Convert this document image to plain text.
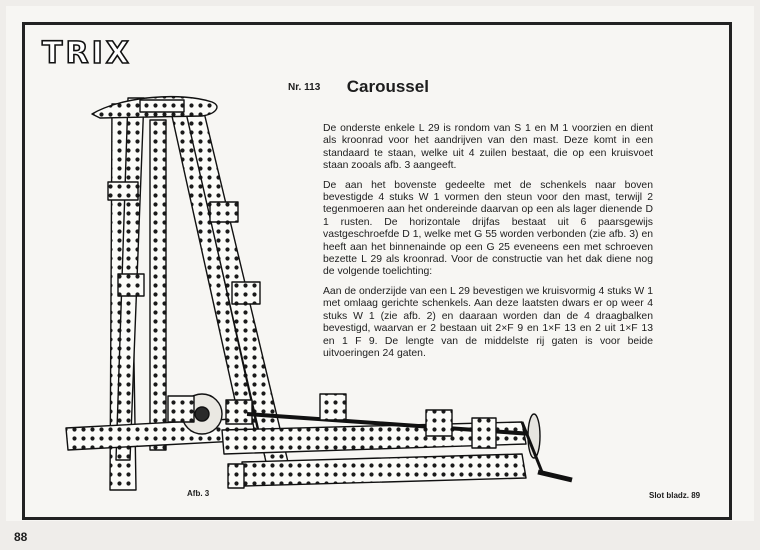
TRIX
Nr. 113 Caroussel

De onderste enkele L 29 is rondom van S 1 en M 1 voorzien en dient als kroonrad voor het aandrijven van den mast. Deze komt in een standaard te staan, welke uit 4 zuilen bestaat, die op een kruisvoet staan zooals afb. 3 aangeeft.

De aan het bovenste gedeelte met de schenkels naar boven bevestigde 4 stuks W 1 vormen den steun voor den mast, terwijl 2 tegenmoeren aan het ondereinde daarvan op een als lager dienende D 1 rusten. De horizontale drijfas bestaat uit 6 paarsgewijs vastgeschroefde D 1, welke met G 55 worden verbonden (zie afb. 3) en heeft aan het binnenainde op een G 25 eveneens een met schroeven bezette L 29 als kroonrad. Voor de constructie van het dak diene nog de volgende toelichting:

Aan de onderzijde van een L 29 bevestigen we kruisvormig 4 stuks W 1 met omlaag gerichte schenkels. Aan deze laatsten dwars er op weer 4 stuks W 1 (zie afb. 2) en daaraan worden dan de 4 draagbalken bevestigd, waarvan er 2 bestaan uit 2×F 9 en 1×F 13 en 2 uit 1×F 13 en 1 F 9. De lengte van de middelste rij gaten is voor beide uitvoeringen 24 gaten.

Afb. 3	Slot bladz. 89
88
